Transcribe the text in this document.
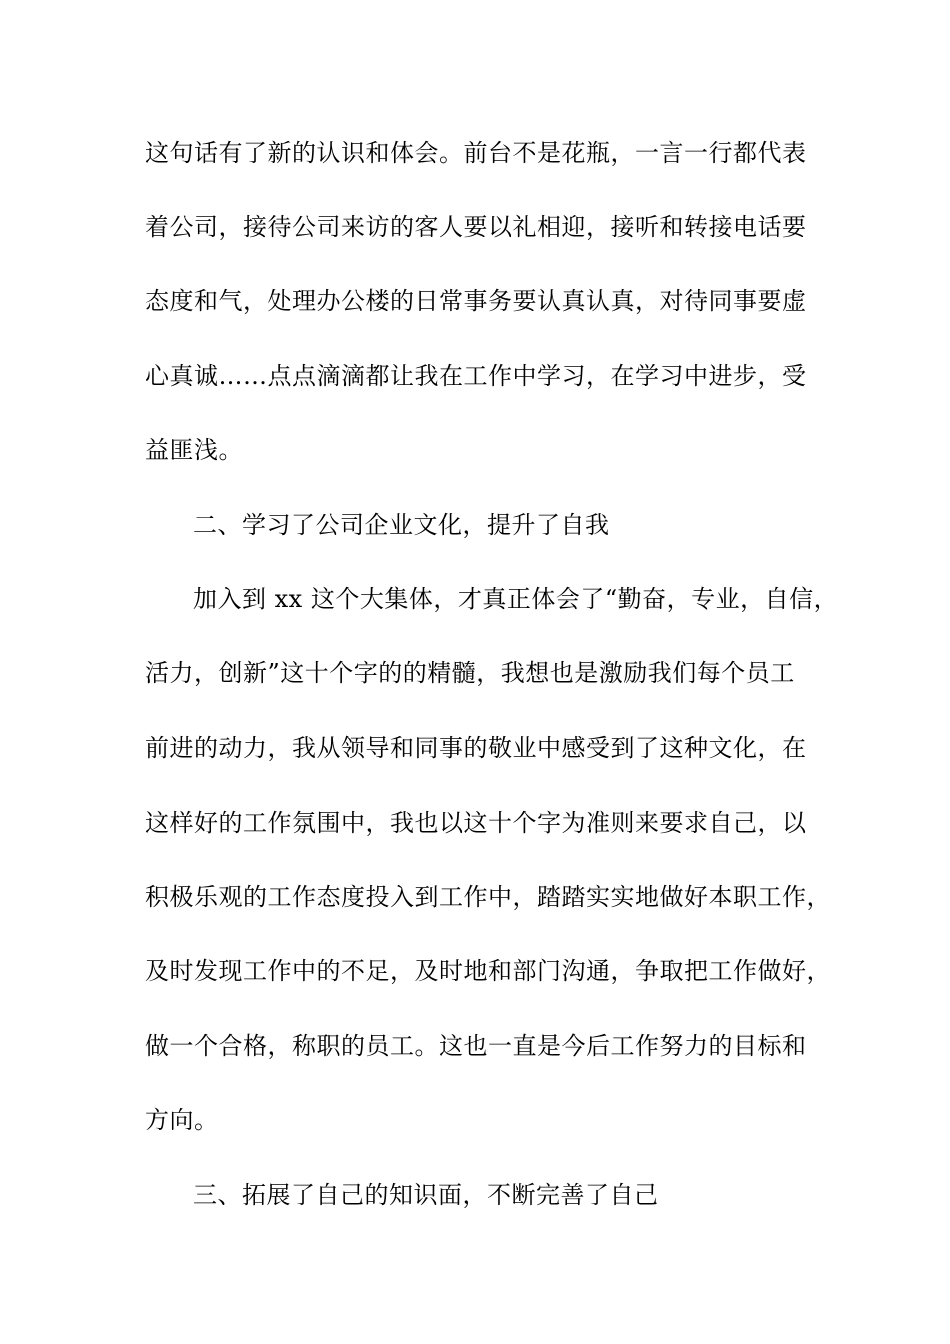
这句话有了新的认识和体会。前台不是花瓶，一言一行都代表
着公司，接待公司来访的客人要以礼相迎，接听和转接电话要
态度和气，处理办公楼的日常事务要认真认真，对待同事要虚
心真诚……点点滴滴都让我在工作中学习，在学习中进步，受
益匪浅。
二、学习了公司企业文化，提升了自我
加入到 xx 这个大集体，才真正体会了“勤奋，专业，自信，
活力，创新”这十个字的的精髓，我想也是激励我们每个员工
前进的动力，我从领导和同事的敬业中感受到了这种文化，在
这样好的工作氛围中，我也以这十个字为准则来要求自己，以
积极乐观的工作态度投入到工作中，踏踏实实地做好本职工作，
及时发现工作中的不足，及时地和部门沟通，争取把工作做好，
做一个合格，称职的员工。这也一直是今后工作努力的目标和
方向。
三、拓展了自己的知识面，不断完善了自己
